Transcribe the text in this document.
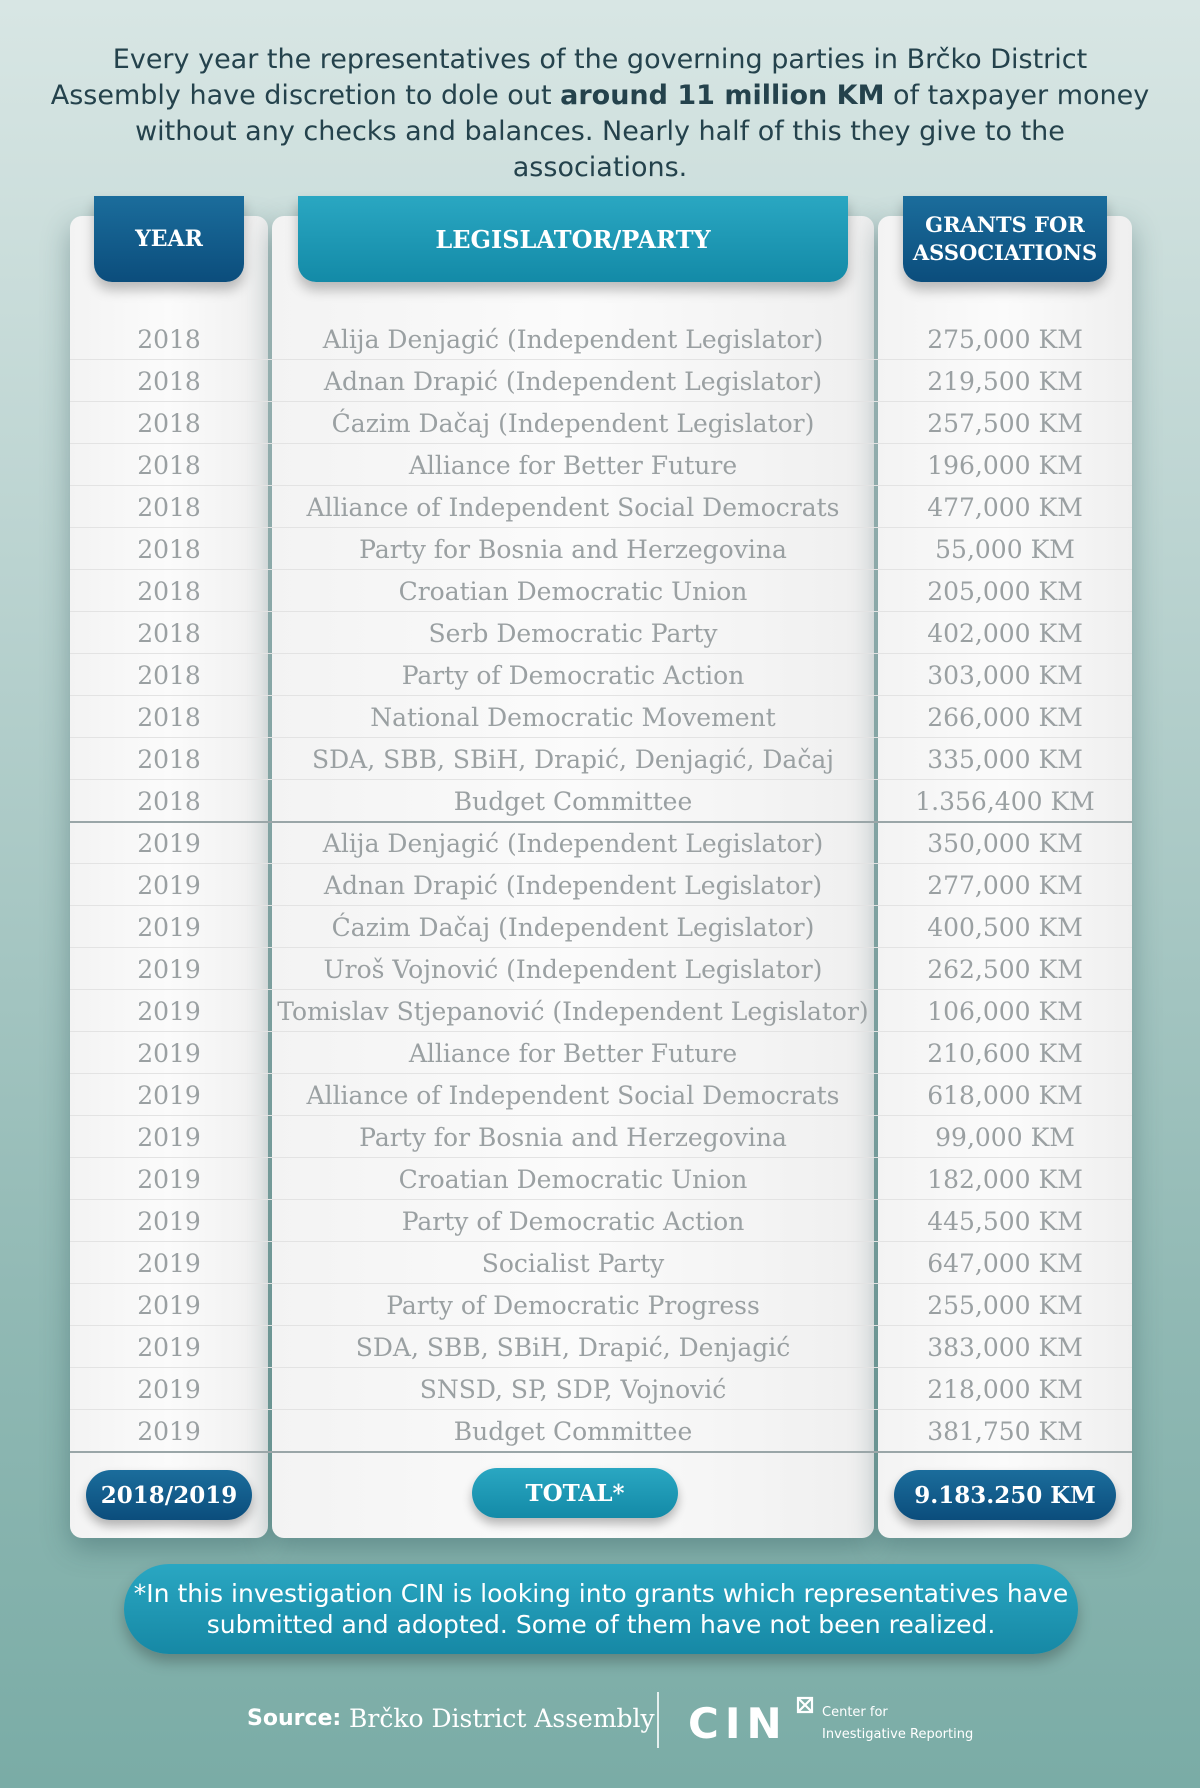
Every year the representatives of the governing parties in Brčko District Assembly have discretion to dole out around 11 million KM of taxpayer money without any checks and balances. Nearly half of this they give to the associations.
YEAR	LEGISLATOR/PARTY	GRANTS FOR ASSOCIATIONS
2018	Alija Denjagić (Independent Legislator)	275,000 KM
2018	Adnan Drapić (Independent Legislator)	219,500 KM
2018	Ćazim Dačaj (Independent Legislator)	257,500 KM
2018	Alliance for Better Future	196,000 KM
2018	Alliance of Independent Social Democrats	477,000 KM
2018	Party for Bosnia and Herzegovina	55,000 KM
2018	Croatian Democratic Union	205,000 KM
2018	Serb Democratic Party	402,000 KM
2018	Party of Democratic Action	303,000 KM
2018	National Democratic Movement	266,000 KM
2018	SDA, SBB, SBiH, Drapić, Denjagić, Dačaj	335,000 KM
2018	Budget Committee	1.356,400 KM
2019	Alija Denjagić (Independent Legislator)	350,000 KM
2019	Adnan Drapić (Independent Legislator)	277,000 KM
2019	Ćazim Dačaj (Independent Legislator)	400,500 KM
2019	Uroš Vojnović (Independent Legislator)	262,500 KM
2019	Tomislav Stjepanović (Independent Legislator)	106,000 KM
2019	Alliance for Better Future	210,600 KM
2019	Alliance of Independent Social Democrats	618,000 KM
2019	Party for Bosnia and Herzegovina	99,000 KM
2019	Croatian Democratic Union	182,000 KM
2019	Party of Democratic Action	445,500 KM
2019	Socialist Party	647,000 KM
2019	Party of Democratic Progress	255,000 KM
2019	SDA, SBB, SBiH, Drapić, Denjagić	383,000 KM
2019	SNSD, SP, SDP, Vojnović	218,000 KM
2019	Budget Committee	381,750 KM
2018/2019	TOTAL*	9.183.250 KM
*In this investigation CIN is looking into grants which representatives have submitted and adopted. Some of them have not been realized.
Source: Brčko District Assembly CIN	Center for
Investigative Reporting
